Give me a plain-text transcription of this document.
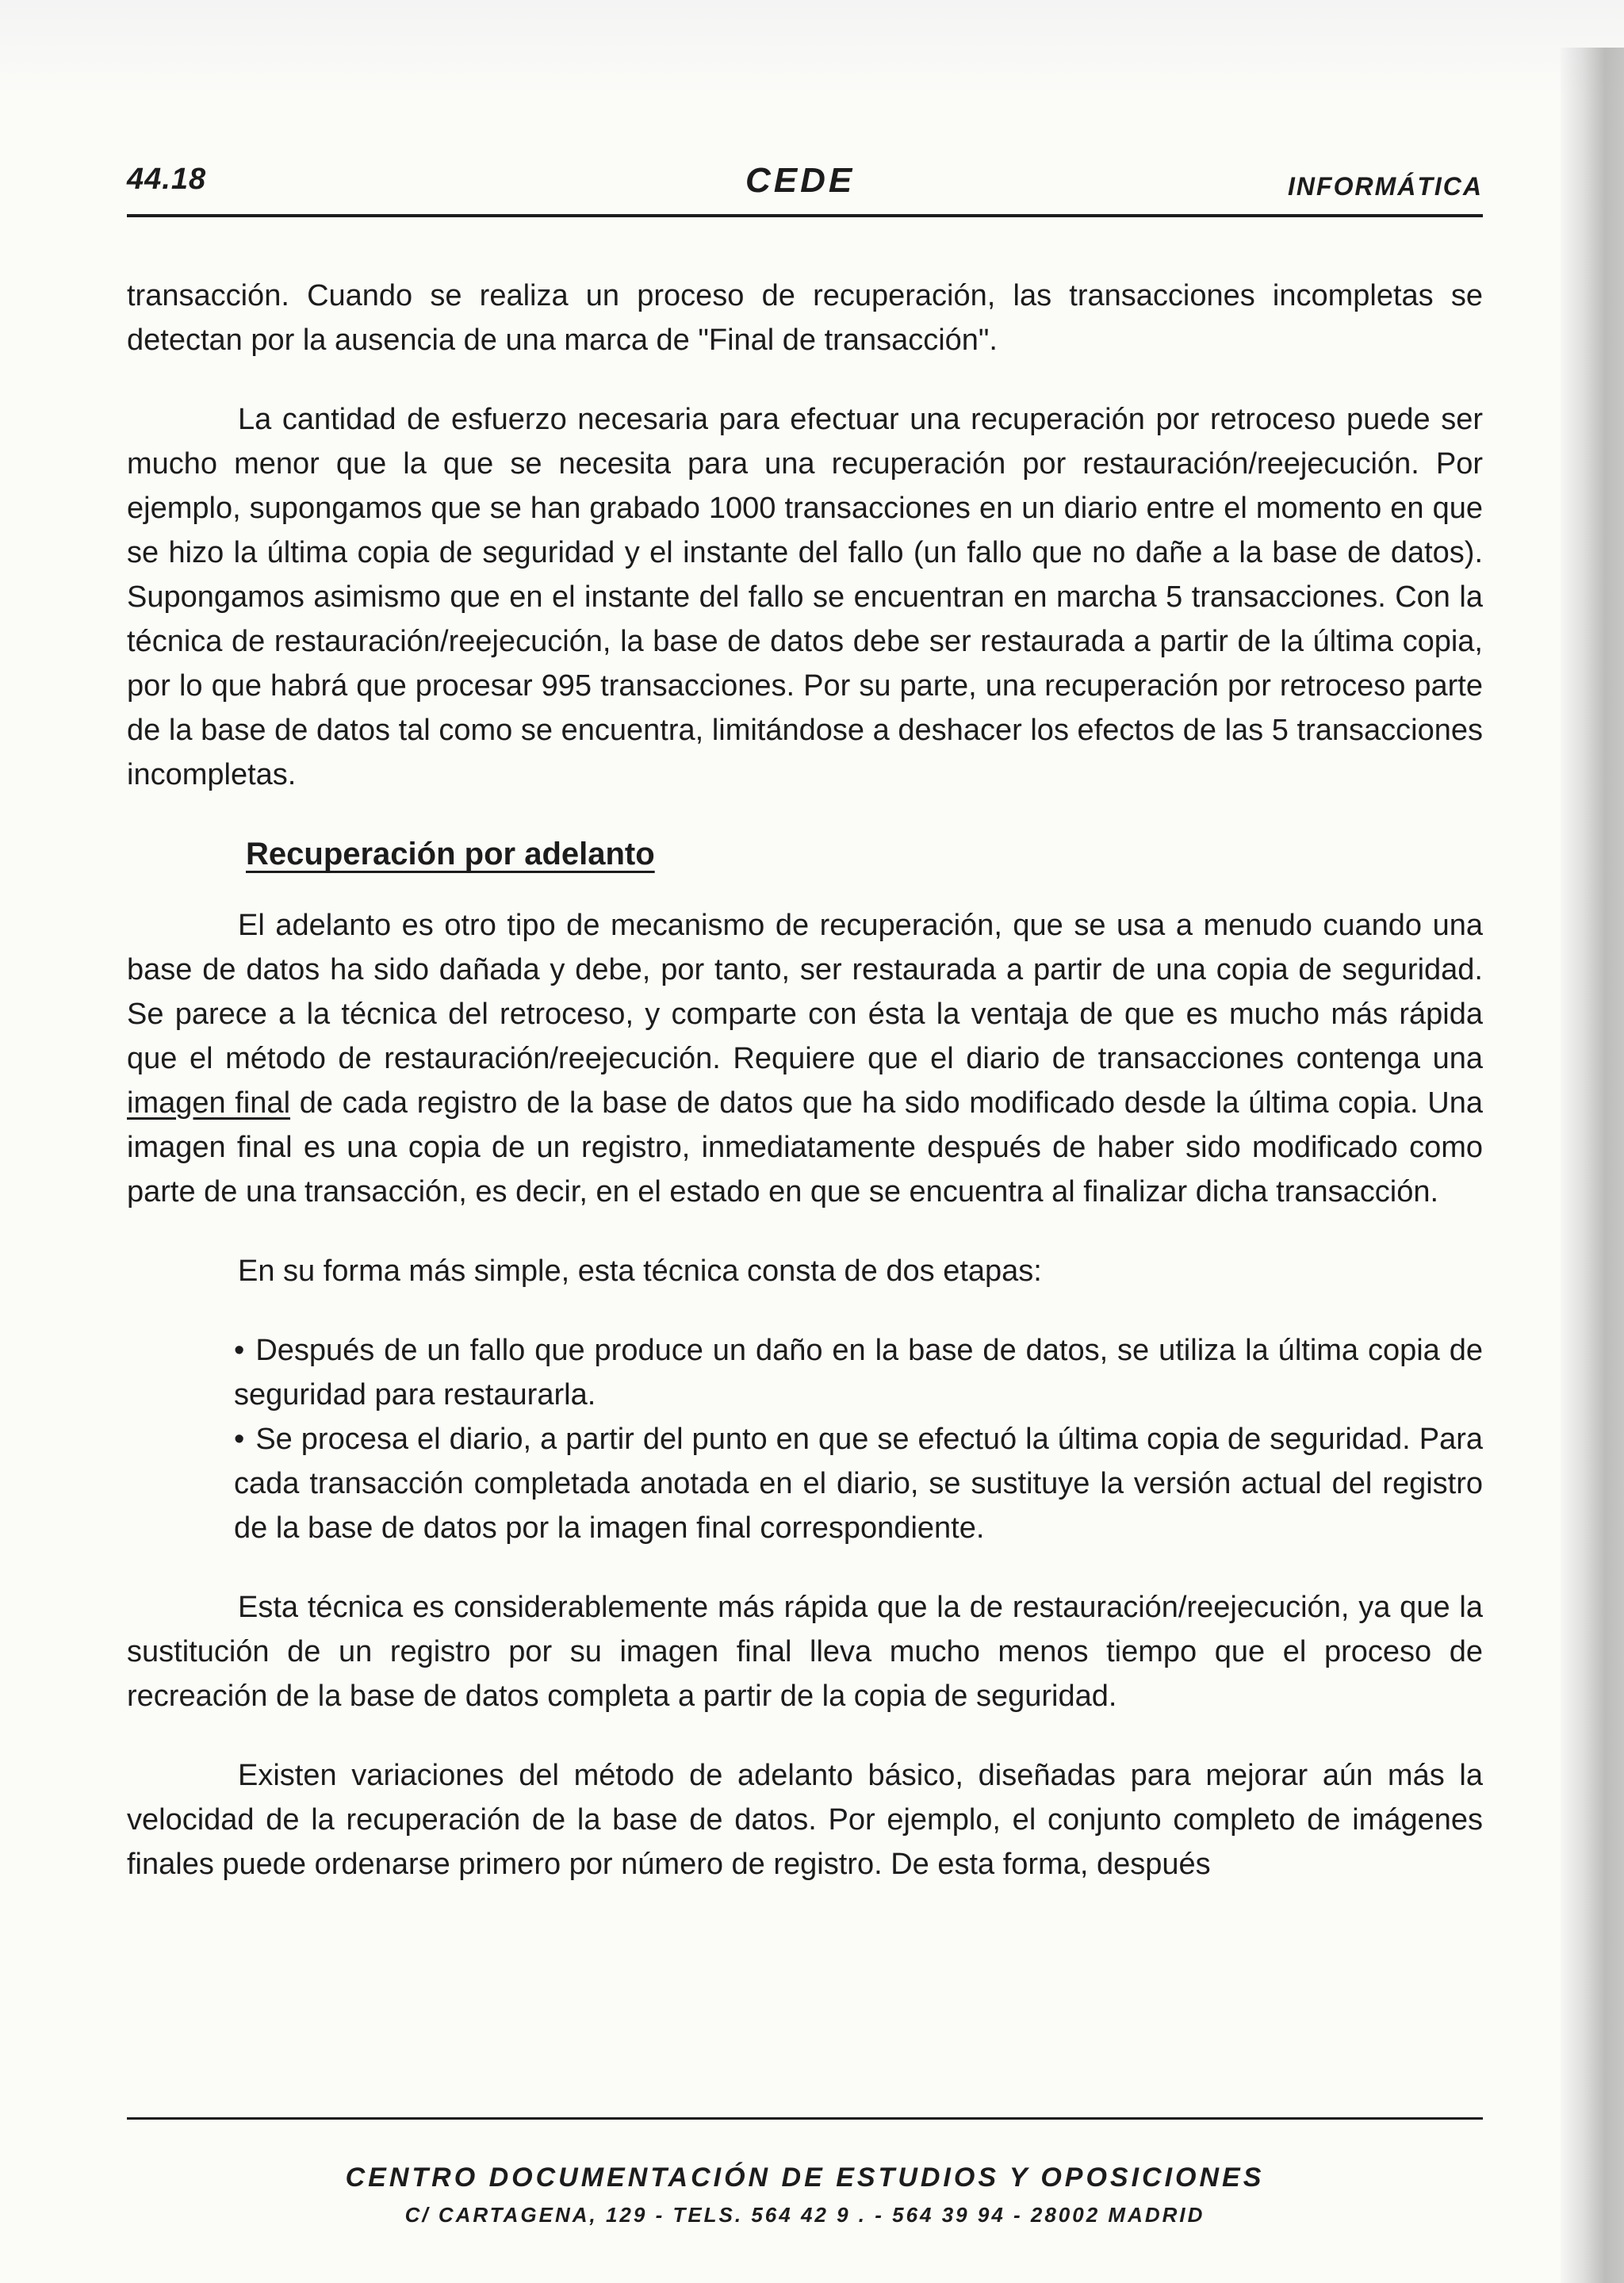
44.18	CEDE	INFORMÁTICA

transacción. Cuando se realiza un proceso de recuperación, las transacciones incompletas se detectan por la ausencia de una marca de "Final de transacción".

La cantidad de esfuerzo necesaria para efectuar una recuperación por retroceso puede ser mucho menor que la que se necesita para una recuperación por restauración/reejecución. Por ejemplo, supongamos que se han grabado 1000 transacciones en un diario entre el momento en que se hizo la última copia de seguridad y el instante del fallo (un fallo que no dañe a la base de datos). Supongamos asimismo que en el instante del fallo se encuentran en marcha 5 transacciones. Con la técnica de restauración/reejecución, la base de datos debe ser restaurada a partir de la última copia, por lo que habrá que procesar 995 transacciones. Por su parte, una recuperación por retroceso parte de la base de datos tal como se encuentra, limitándose a deshacer los efectos de las 5 transacciones incompletas.

Recuperación por adelanto

El adelanto es otro tipo de mecanismo de recuperación, que se usa a menudo cuando una base de datos ha sido dañada y debe, por tanto, ser restaurada a partir de una copia de seguridad. Se parece a la técnica del retroceso, y comparte con ésta la ventaja de que es mucho más rápida que el método de restauración/reejecución. Requiere que el diario de transacciones contenga una imagen final de cada registro de la base de datos que ha sido modificado desde la última copia. Una imagen final es una copia de un registro, inmediatamente después de haber sido modificado como parte de una transacción, es decir, en el estado en que se encuentra al finalizar dicha transacción.

En su forma más simple, esta técnica consta de dos etapas:

• Después de un fallo que produce un daño en la base de datos, se utiliza la última copia de seguridad para restaurarla.
• Se procesa el diario, a partir del punto en que se efectuó la última copia de seguridad. Para cada transacción completada anotada en el diario, se sustituye la versión actual del registro de la base de datos por la imagen final correspondiente.

Esta técnica es considerablemente más rápida que la de restauración/reejecución, ya que la sustitución de un registro por su imagen final lleva mucho menos tiempo que el proceso de recreación de la base de datos completa a partir de la copia de seguridad.

Existen variaciones del método de adelanto básico, diseñadas para mejorar aún más la velocidad de la recuperación de la base de datos. Por ejemplo, el conjunto completo de imágenes finales puede ordenarse primero por número de registro. De esta forma, después

CENTRO DOCUMENTACIÓN DE ESTUDIOS Y OPOSICIONES
C/ CARTAGENA, 129 - TELS. 564 42 9 . - 564 39 94 - 28002 MADRID
